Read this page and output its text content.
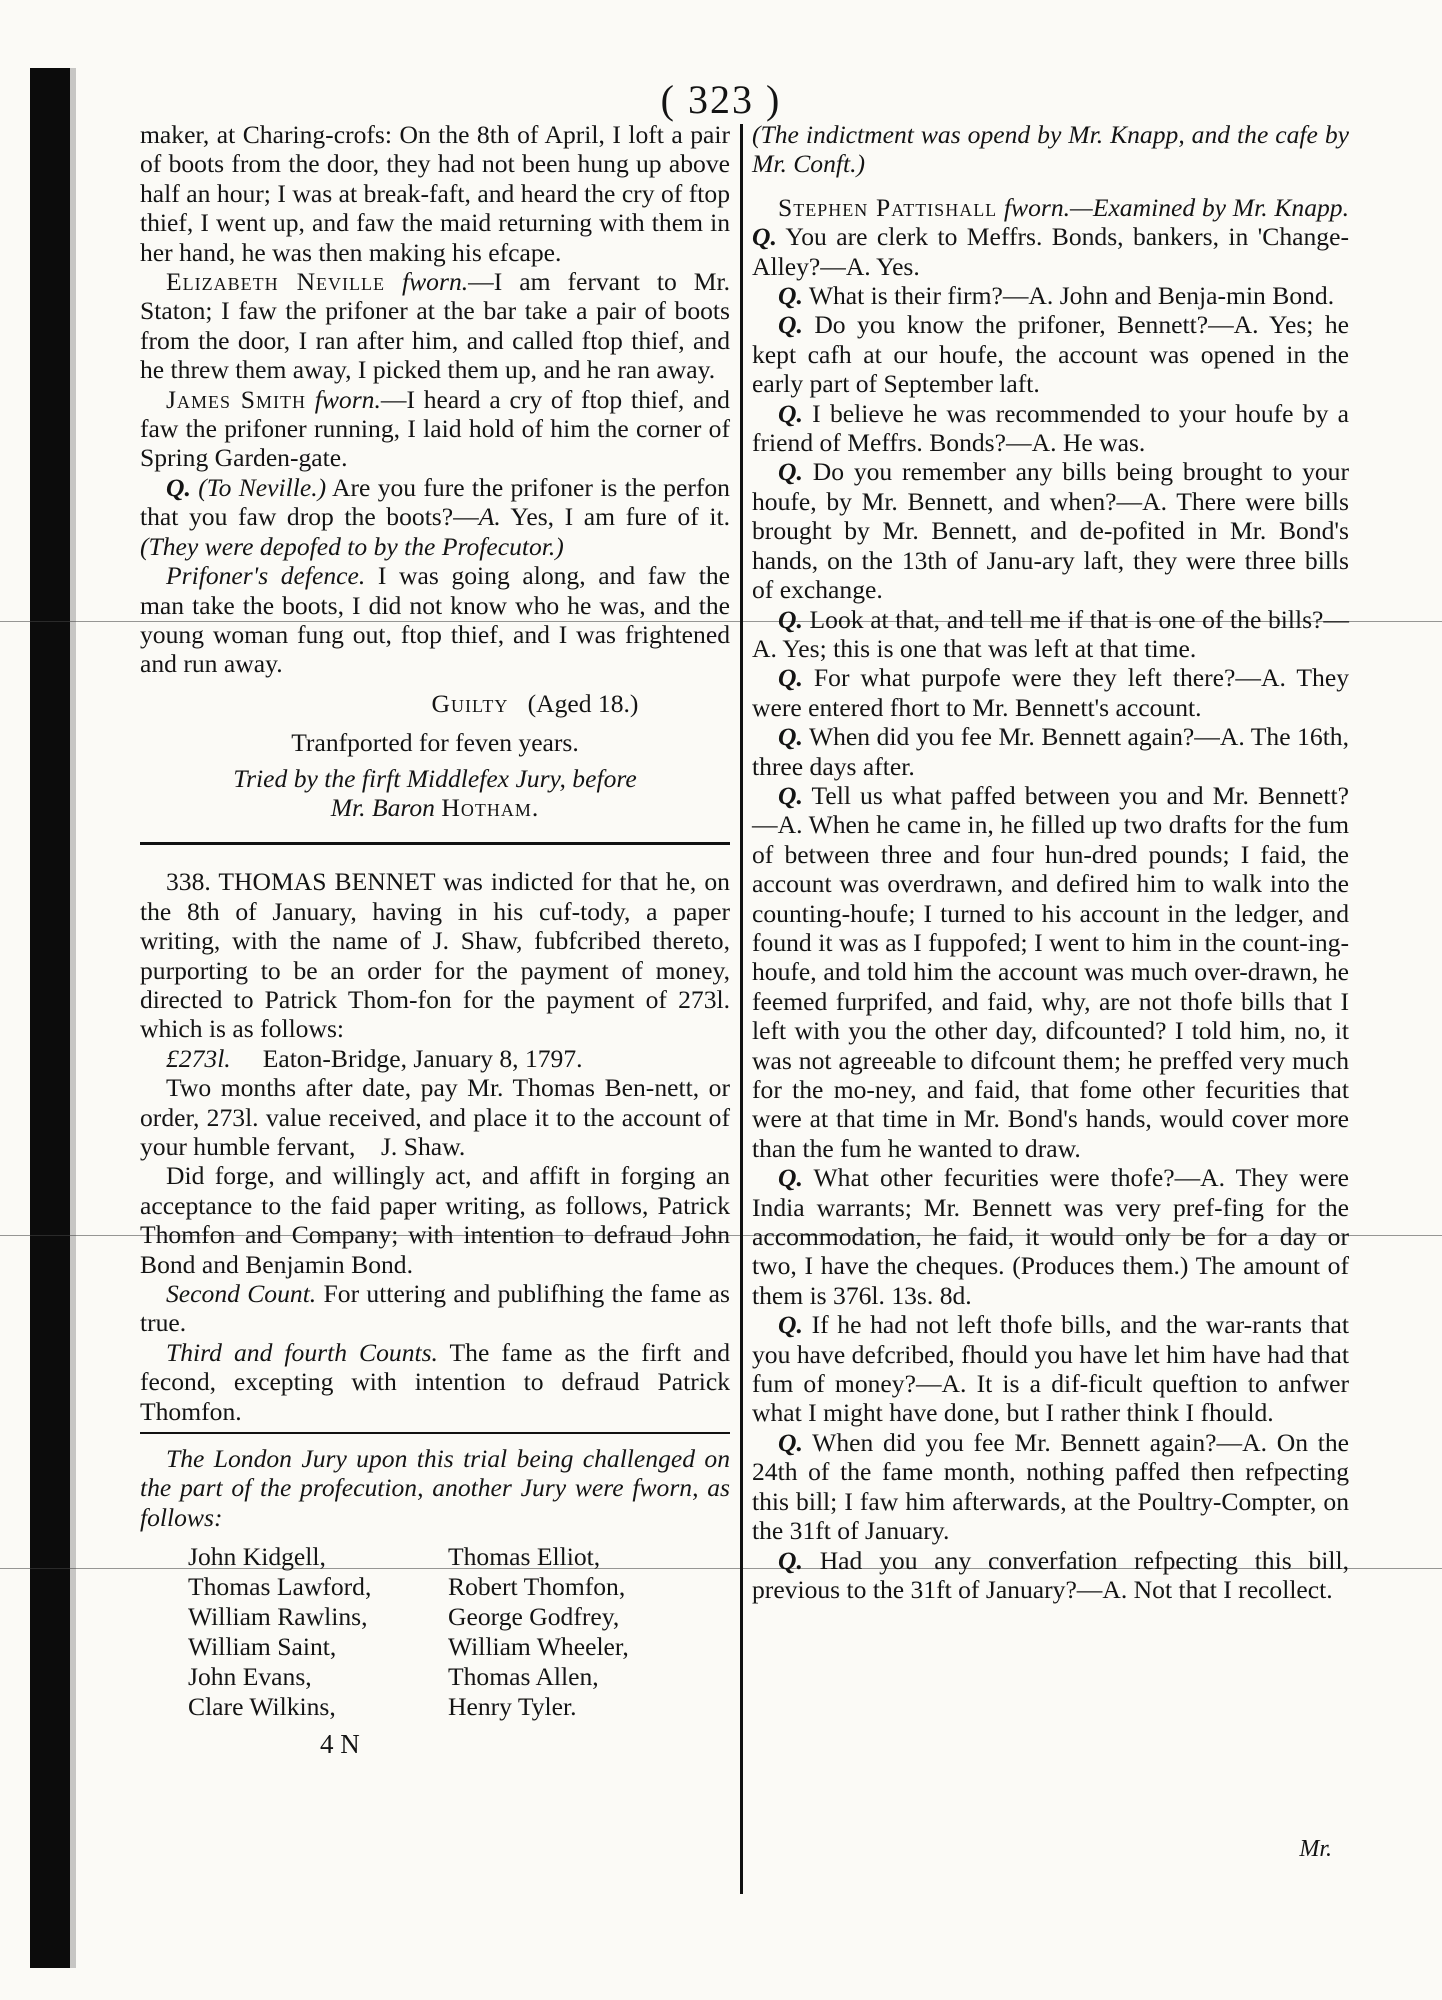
( 323 )

maker, at Charing-crofs: On the 8th of April, I loft a pair of boots from the door, they had not been hung up above half an hour; I was at break-faft, and heard the cry of ftop thief, I went up, and faw the maid returning with them in her hand, he was then making his efcape.

Elizabeth Neville fworn.—I am fervant to Mr. Staton; I faw the prifoner at the bar take a pair of boots from the door, I ran after him, and called ftop thief, and he threw them away, I picked them up, and he ran away.

James Smith fworn.—I heard a cry of ftop thief, and faw the prifoner running, I laid hold of him the corner of Spring Garden-gate.

Q. (To Neville.) Are you fure the prifoner is the perfon that you faw drop the boots?—A. Yes, I am fure of it. (They were depofed to by the Profecutor.)

Prifoner's defence. I was going along, and faw the man take the boots, I did not know who he was, and the young woman fung out, ftop thief, and I was frightened and run away.

Guilty (Aged 18.)

Tranfported for feven years.

Tried by the firft Middlefex Jury, before

Mr. Baron Hotham.

338. THOMAS BENNET was indicted for that he, on the 8th of January, having in his cuf-tody, a paper writing, with the name of J. Shaw, fubfcribed thereto, purporting to be an order for the payment of money, directed to Patrick Thom-fon for the payment of 273l. which is as follows:

£273l. Eaton-Bridge, January 8, 1797.

Two months after date, pay Mr. Thomas Ben-nett, or order, 273l. value received, and place it to the account of your humble fervant, J. Shaw.

Did forge, and willingly act, and affift in forging an acceptance to the faid paper writing, as follows, Patrick Thomfon and Company; with intention to defraud John Bond and Benjamin Bond.

Second Count. For uttering and publifhing the fame as true.

Third and fourth Counts. The fame as the firft and fecond, excepting with intention to defraud Patrick Thomfon.

The London Jury upon this trial being challenged on the part of the profecution, another Jury were fworn, as follows:

John Kidgell,	Thomas Elliot,
Thomas Lawford,	Robert Thomfon,
William Rawlins,	George Godfrey,
William Saint,	William Wheeler,
John Evans,	Thomas Allen,
Clare Wilkins,	Henry Tyler.
4 N

(The indictment was opend by Mr. Knapp, and the cafe by Mr. Conft.)

Stephen Pattishall fworn.—Examined by Mr. Knapp. Q. You are clerk to Meffrs. Bonds, bankers, in 'Change-Alley?—A. Yes.

Q. What is their firm?—A. John and Benja-min Bond.

Q. Do you know the prifoner, Bennett?—A. Yes; he kept cafh at our houfe, the account was opened in the early part of September laft.

Q. I believe he was recommended to your houfe by a friend of Meffrs. Bonds?—A. He was.

Q. Do you remember any bills being brought to your houfe, by Mr. Bennett, and when?—A. There were bills brought by Mr. Bennett, and de-pofited in Mr. Bond's hands, on the 13th of Janu-ary laft, they were three bills of exchange.

Q. Look at that, and tell me if that is one of the bills?—A. Yes; this is one that was left at that time.

Q. For what purpofe were they left there?—A. They were entered fhort to Mr. Bennett's account.

Q. When did you fee Mr. Bennett again?—A. The 16th, three days after.

Q. Tell us what paffed between you and Mr. Bennett?—A. When he came in, he filled up two drafts for the fum of between three and four hun-dred pounds; I faid, the account was overdrawn, and defired him to walk into the counting-houfe; I turned to his account in the ledger, and found it was as I fuppofed; I went to him in the count-ing-houfe, and told him the account was much over-drawn, he feemed furprifed, and faid, why, are not thofe bills that I left with you the other day, difcounted? I told him, no, it was not agreeable to difcount them; he preffed very much for the mo-ney, and faid, that fome other fecurities that were at that time in Mr. Bond's hands, would cover more than the fum he wanted to draw.

Q. What other fecurities were thofe?—A. They were India warrants; Mr. Bennett was very pref-fing for the accommodation, he faid, it would only be for a day or two, I have the cheques. (Produces them.) The amount of them is 376l. 13s. 8d.

Q. If he had not left thofe bills, and the war-rants that you have defcribed, fhould you have let him have had that fum of money?—A. It is a dif-ficult queftion to anfwer what I might have done, but I rather think I fhould.

Q. When did you fee Mr. Bennett again?—A. On the 24th of the fame month, nothing paffed then refpecting this bill; I faw him afterwards, at the Poultry-Compter, on the 31ft of January.

Q. Had you any converfation refpecting this bill, previous to the 31ft of January?—A. Not that I recollect.

Mr.
